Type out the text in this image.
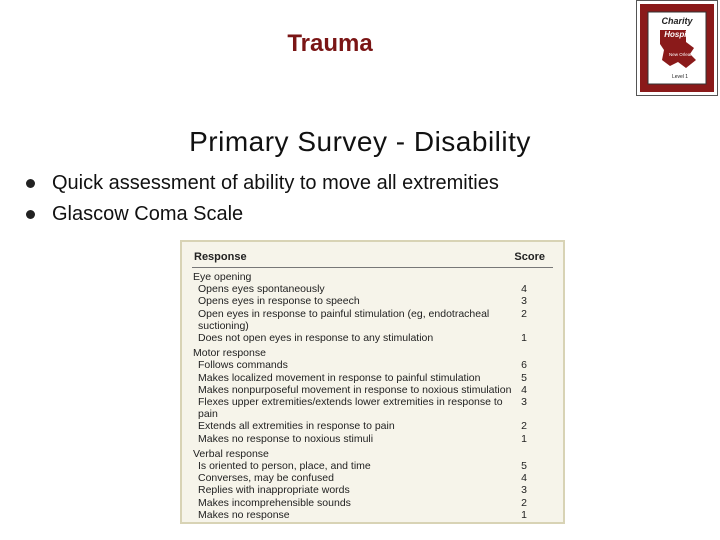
Trauma
Charity
Hospital
New Orleans
Level 1
Primary Survey - Disability
Quick assessment of ability to move all extremities
Glascow Coma Scale
Response	Score
Eye opening
Opens eyes spontaneously	4
Opens eyes in response to speech	3
Open eyes in response to painful stimulation (eg, endotracheal suctioning)
2
Does not open eyes in response to any stimulation	1
Motor response
Follows commands	6
Makes localized movement in response to painful stimulation	5
Makes nonpurposeful movement in response to noxious stimulation 4
Flexes upper extremities/extends lower extremities in response to pain
3
Extends all extremities in response to pain	2
Makes no response to noxious stimuli	1
Verbal response
Is oriented to person, place, and time	5
Converses, may be confused	4
Replies with inappropriate words	3
Makes incomprehensible sounds	2
Makes no response	1
